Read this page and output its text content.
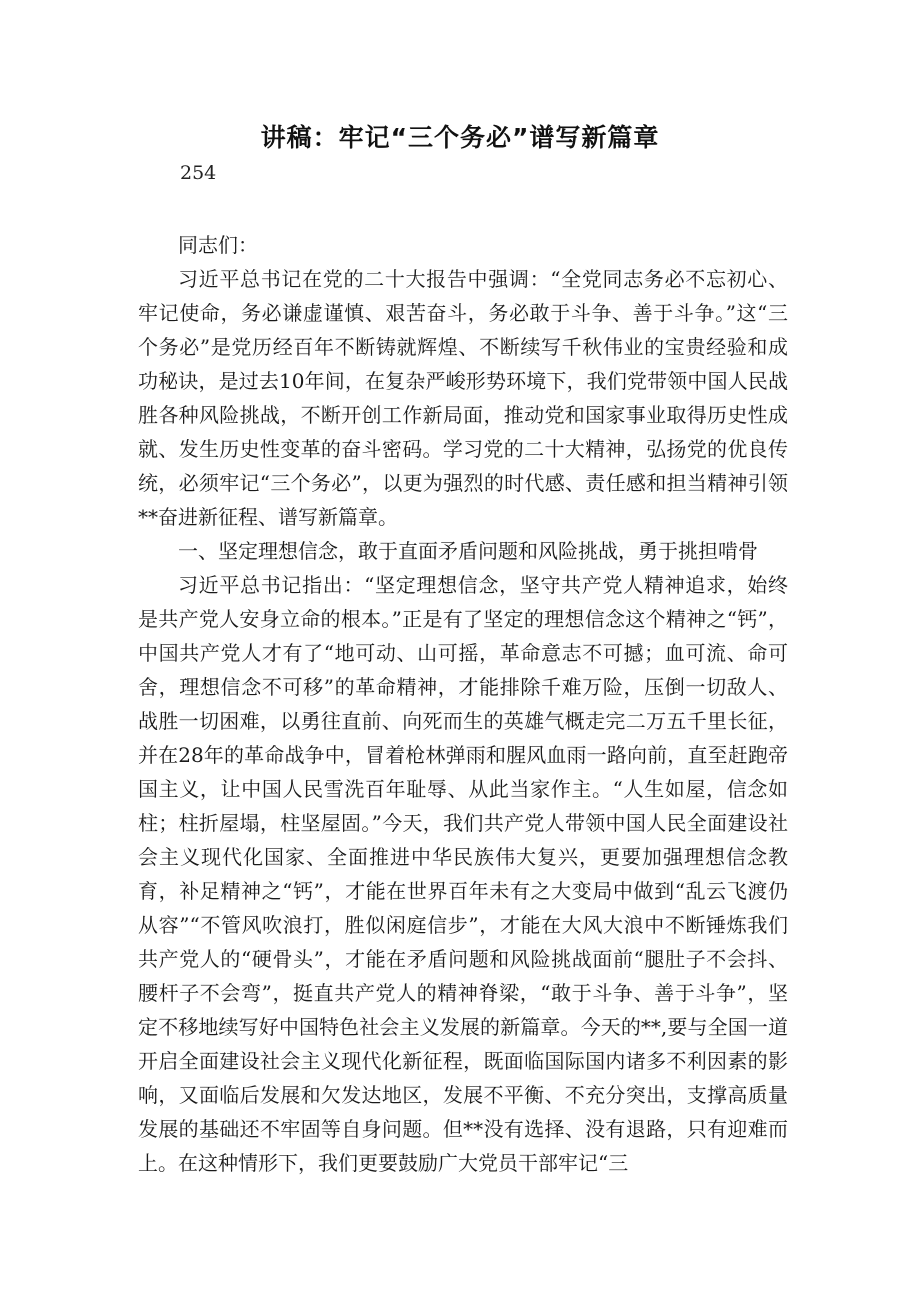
讲稿：牢记“三个务必”谱写新篇章
254

同志们：

习近平总书记在党的二十大报告中强调：“全党同志务必不忘初心、牢记使命，务必谦虚谨慎、艰苦奋斗，务必敢于斗争、善于斗争。”这“三个务必”是党历经百年不断铸就辉煌、不断续写千秋伟业的宝贵经验和成功秘诀，是过去10年间，在复杂严峻形势环境下，我们党带领中国人民战胜各种风险挑战，不断开创工作新局面，推动党和国家事业取得历史性成就、发生历史性变革的奋斗密码。学习党的二十大精神，弘扬党的优良传统，必须牢记“三个务必”，以更为强烈的时代感、责任感和担当精神引领**奋进新征程、谱写新篇章。

一、坚定理想信念，敢于直面矛盾问题和风险挑战，勇于挑担啃骨

习近平总书记指出：“坚定理想信念，坚守共产党人精神追求，始终是共产党人安身立命的根本。”正是有了坚定的理想信念这个精神之“钙”，中国共产党人才有了“地可动、山可摇，革命意志不可撼；血可流、命可舍，理想信念不可移”的革命精神，才能排除千难万险，压倒一切敌人、战胜一切困难，以勇往直前、向死而生的英雄气概走完二万五千里长征，并在28年的革命战争中，冒着枪林弹雨和腥风血雨一路向前，直至赶跑帝国主义，让中国人民雪洗百年耻辱、从此当家作主。“人生如屋，信念如柱；柱折屋塌，柱坚屋固。”今天，我们共产党人带领中国人民全面建设社会主义现代化国家、全面推进中华民族伟大复兴，更要加强理想信念教育，补足精神之“钙”，才能在世界百年未有之大变局中做到“乱云飞渡仍从容”“不管风吹浪打，胜似闲庭信步”，才能在大风大浪中不断锤炼我们共产党人的“硬骨头”，才能在矛盾问题和风险挑战面前“腿肚子不会抖、腰杆子不会弯”，挺直共产党人的精神脊梁，“敢于斗争、善于斗争”，坚定不移地续写好中国特色社会主义发展的新篇章。今天的**,要与全国一道开启全面建设社会主义现代化新征程，既面临国际国内诸多不利因素的影响，又面临后发展和欠发达地区，发展不平衡、不充分突出，支撑高质量发展的基础还不牢固等自身问题。但**没有选择、没有退路，只有迎难而上。在这种情形下，我们更要鼓励广大党员干部牢记“三
